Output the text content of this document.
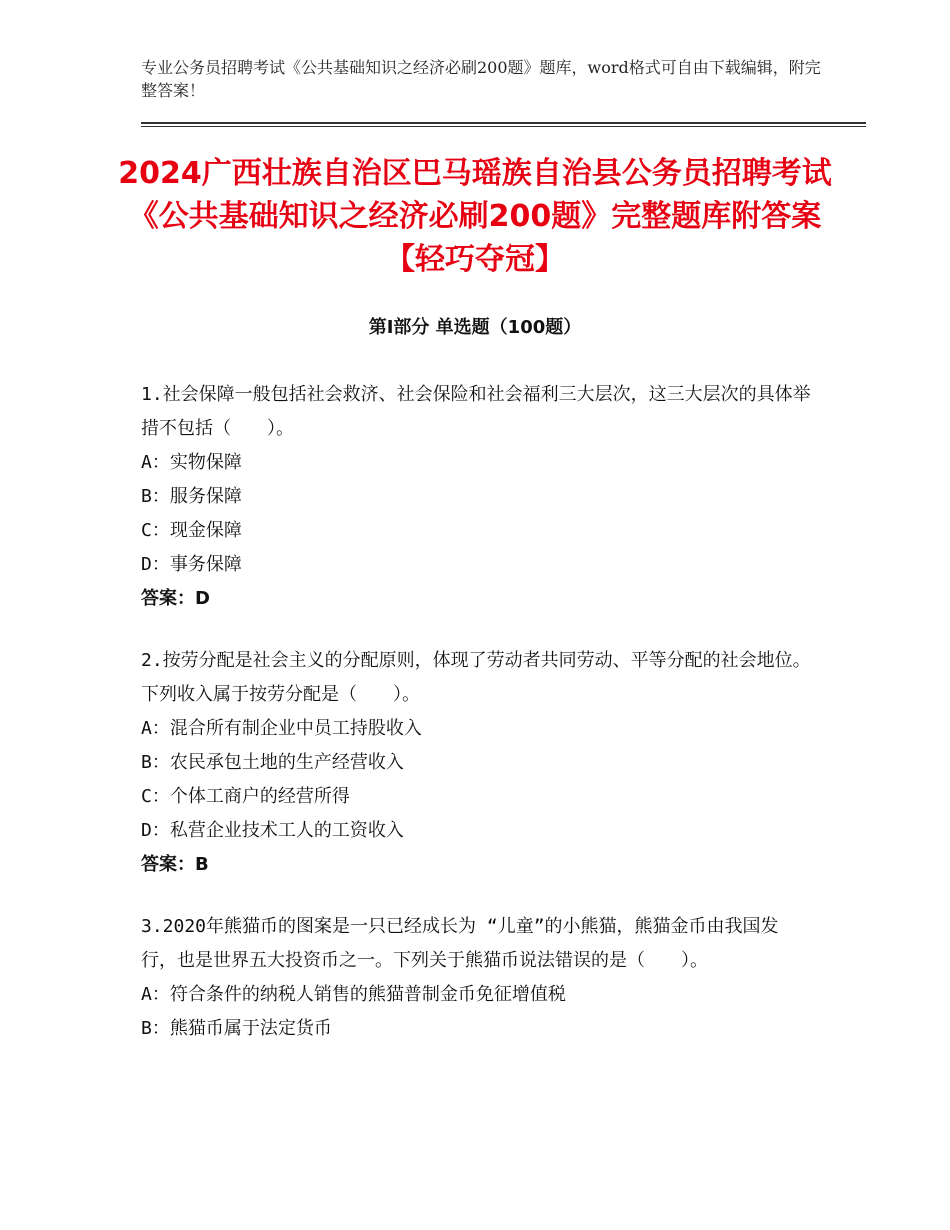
专业公务员招聘考试《公共基础知识之经济必刷200题》题库，word格式可自由下载编辑，附完整答案！
2024广西壮族自治区巴马瑶族自治县公务员招聘考试《公共基础知识之经济必刷200题》完整题库附答案【轻巧夺冠】
第I部分 单选题（100题）
1.社会保障一般包括社会救济、社会保险和社会福利三大层次，这三大层次的具体举措不包括（　　）。
A：实物保障
B：服务保障
C：现金保障
D：事务保障
答案：D
2.按劳分配是社会主义的分配原则，体现了劳动者共同劳动、平等分配的社会地位。下列收入属于按劳分配是（　　）。
A：混合所有制企业中员工持股收入
B：农民承包土地的生产经营收入
C：个体工商户的经营所得
D：私营企业技术工人的工资收入
答案：B
3.2020年熊猫币的图案是一只已经成长为 “儿童”的小熊猫，熊猫金币由我国发行，也是世界五大投资币之一。下列关于熊猫币说法错误的是（　　）。
A：符合条件的纳税人销售的熊猫普制金币免征增值税
B：熊猫币属于法定货币
